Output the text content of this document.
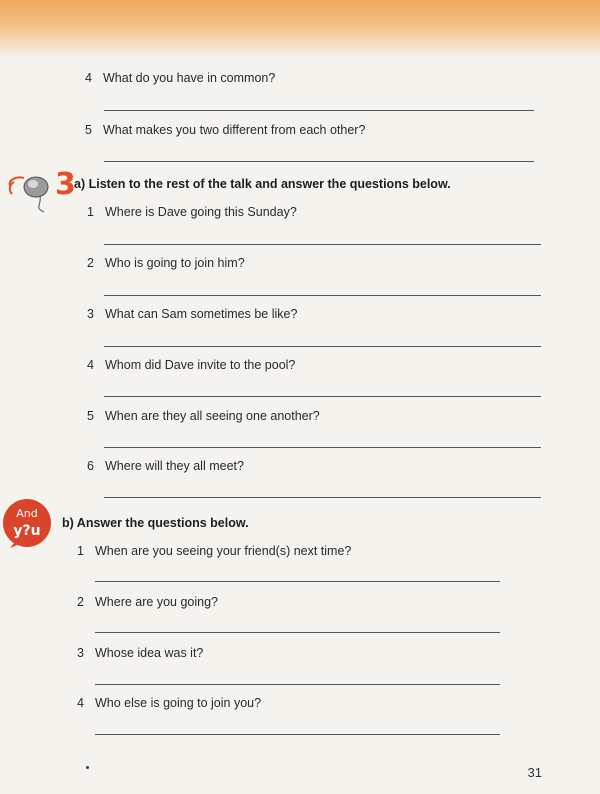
4 What do you have in common?
5 What makes you two different from each other?
3
a) Listen to the rest of the talk and answer the questions below.
1 Where is Dave going this Sunday?
2 Who is going to join him?
3 What can Sam sometimes be like?
4 Whom did Dave invite to the pool?
5 When are they all seeing one another?
6 Where will they all meet?
And
y?u b) Answer the questions below.
1 When are you seeing your friend(s) next time?
2 Where are you going?
3 Whose idea was it?
4 Who else is going to join you?
31
